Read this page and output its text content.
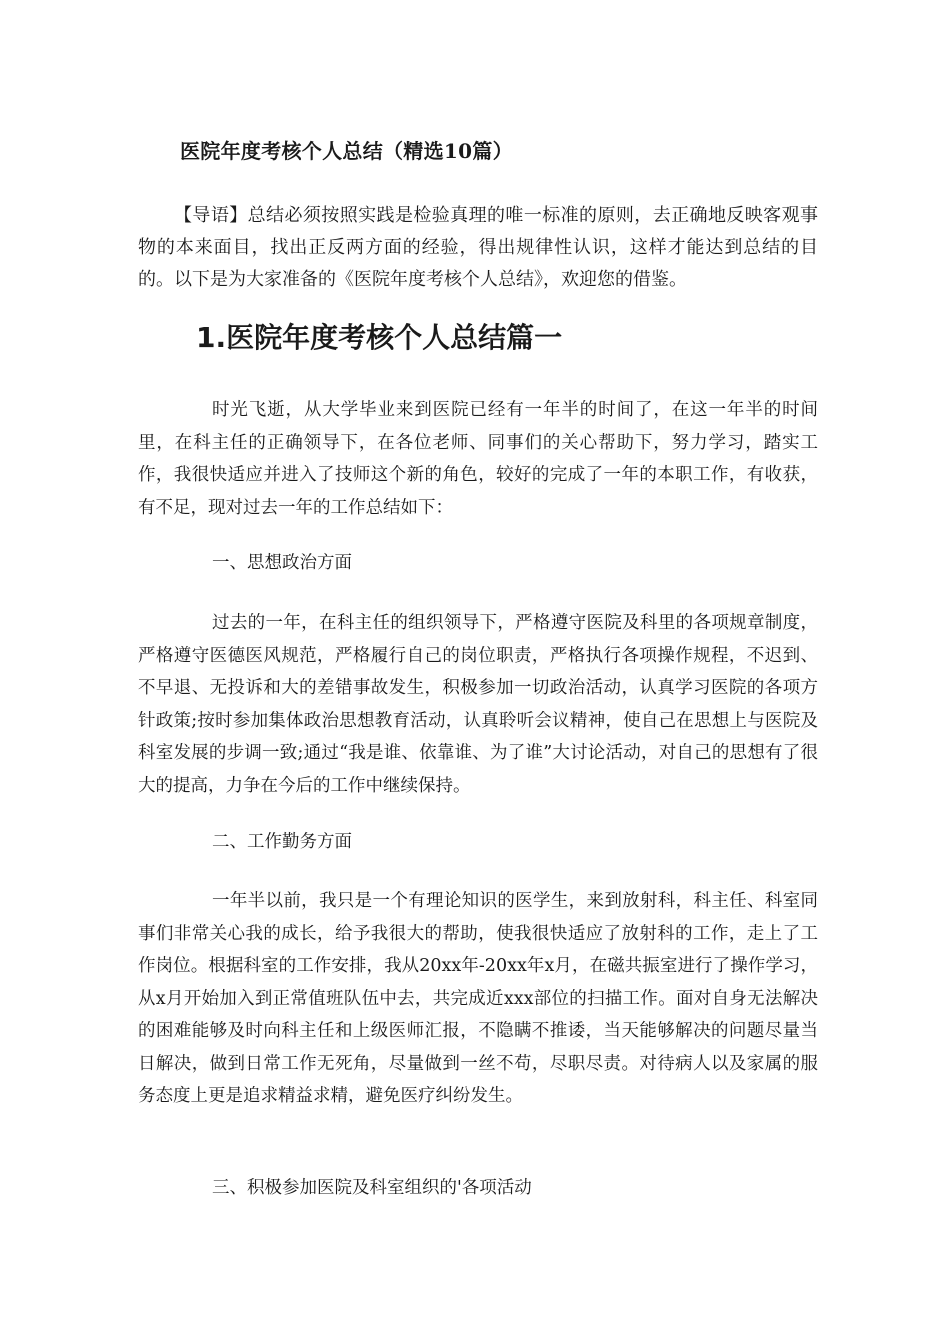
医院年度考核个人总结（精选10篇）

【导语】总结必须按照实践是检验真理的唯一标准的原则，去正确地反映客观事物的本来面目，找出正反两方面的经验，得出规律性认识，这样才能达到总结的目的。以下是为大家准备的《医院年度考核个人总结》，欢迎您的借鉴。

1.医院年度考核个人总结篇一

时光飞逝，从大学毕业来到医院已经有一年半的时间了，在这一年半的时间里，在科主任的正确领导下，在各位老师、同事们的关心帮助下，努力学习，踏实工作，我很快适应并进入了技师这个新的角色，较好的完成了一年的本职工作，有收获，有不足，现对过去一年的工作总结如下：

一、思想政治方面

过去的一年，在科主任的组织领导下，严格遵守医院及科里的各项规章制度，严格遵守医德医风规范，严格履行自己的岗位职责，严格执行各项操作规程，不迟到、不早退、无投诉和大的差错事故发生，积极参加一切政治活动，认真学习医院的各项方针政策;按时参加集体政治思想教育活动，认真聆听会议精神，使自己在思想上与医院及科室发展的步调一致;通过“我是谁、依靠谁、为了谁”大讨论活动，对自己的思想有了很大的提高，力争在今后的工作中继续保持。

二、工作勤务方面

一年半以前，我只是一个有理论知识的医学生，来到放射科，科主任、科室同事们非常关心我的成长，给予我很大的帮助，使我很快适应了放射科的工作，走上了工作岗位。根据科室的工作安排，我从20xx年-20xx年x月，在磁共振室进行了操作学习，从x月开始加入到正常值班队伍中去，共完成近xxx部位的扫描工作。面对自身无法解决的困难能够及时向科主任和上级医师汇报，不隐瞒不推诿，当天能够解决的问题尽量当日解决，做到日常工作无死角，尽量做到一丝不苟，尽职尽责。对待病人以及家属的服务态度上更是追求精益求精，避免医疗纠纷发生。

三、积极参加医院及科室组织的'各项活动
